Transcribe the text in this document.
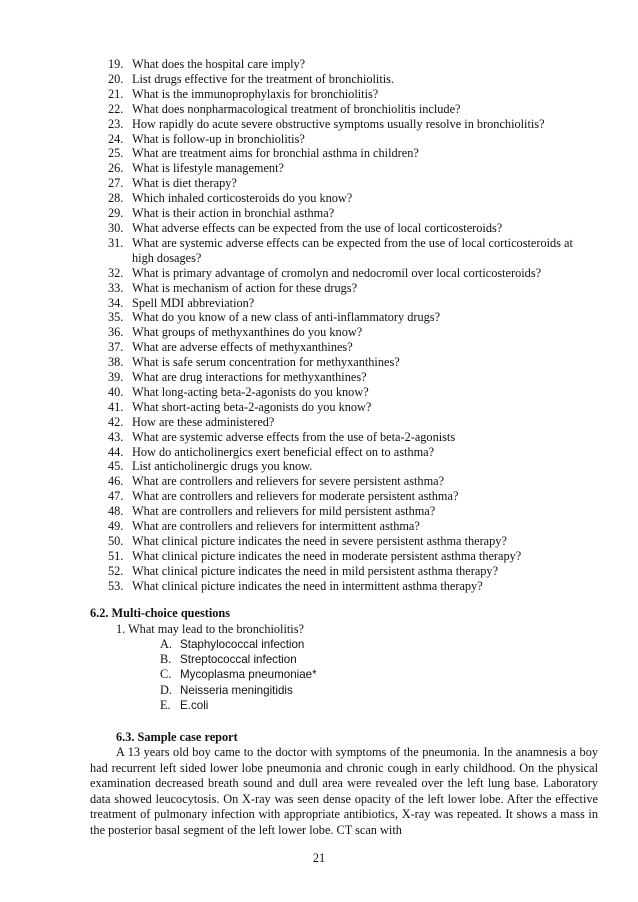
19. What does the hospital care imply?
20. List drugs effective for the treatment of bronchiolitis.
21. What is the immunoprophylaxis for bronchiolitis?
22. What does nonpharmacological treatment of bronchiolitis include?
23. How rapidly do acute severe obstructive symptoms usually resolve in bronchiolitis?
24. What is follow-up in bronchiolitis?
25. What are treatment aims for bronchial asthma in children?
26. What is lifestyle management?
27. What is diet therapy?
28. Which inhaled corticosteroids do you know?
29. What is their action in bronchial asthma?
30. What adverse effects can be expected from the use of local corticosteroids?
31. What are systemic adverse effects can be expected from the use of local corticosteroids at
high dosages?
32. What is primary advantage of cromolyn and nedocromil over local corticosteroids?
33. What is mechanism of action for these drugs?
34. Spell MDI abbreviation?
35. What do you know of a new class of anti-inflammatory drugs?
36. What groups of methyxanthines do you know?
37. What are adverse effects of methyxanthines?
38. What is safe serum concentration for methyxanthines?
39. What are drug interactions for methyxanthines?
40. What long-acting beta-2-agonists do you know?
41. What short-acting beta-2-agonists do you know?
42. How are these administered?
43. What are systemic adverse effects from the use of beta-2-agonists
44. How do anticholinergics exert beneficial effect on to asthma?
45. List anticholinergic drugs you know.
46. What are controllers and relievers for severe persistent asthma?
47. What are controllers and relievers for moderate persistent asthma?
48. What are controllers and relievers for mild persistent asthma?
49. What are controllers and relievers for intermittent asthma?
50. What clinical picture indicates the need in severe persistent asthma therapy?
51. What clinical picture indicates the need in moderate persistent asthma therapy?
52. What clinical picture indicates the need in mild persistent asthma therapy?
53. What clinical picture indicates the need in intermittent asthma therapy?
6.2. Multi-choice questions
1. What may lead to the bronchiolitis?
A. Staphylococcal infection
B. Streptococcal infection
C. Mycoplasma pneumoniae*
D. Neisseria meningitidis
E. E.coli
6.3. Sample case report

A 13 years old boy came to the doctor with symptoms of the pneumonia. In the anamnesis a boy had recurrent left sided lower lobe pneumonia and chronic cough in early childhood. On the physical examination decreased breath sound and dull area were revealed over the left lung base. Laboratory data showed leucocytosis. On X-ray was seen dense opacity of the left lower lobe. After the effective treatment of pulmonary infection with appropriate antibiotics, X-ray was repeated. It shows a mass in the posterior basal segment of the left lower lobe. CT scan with

21
